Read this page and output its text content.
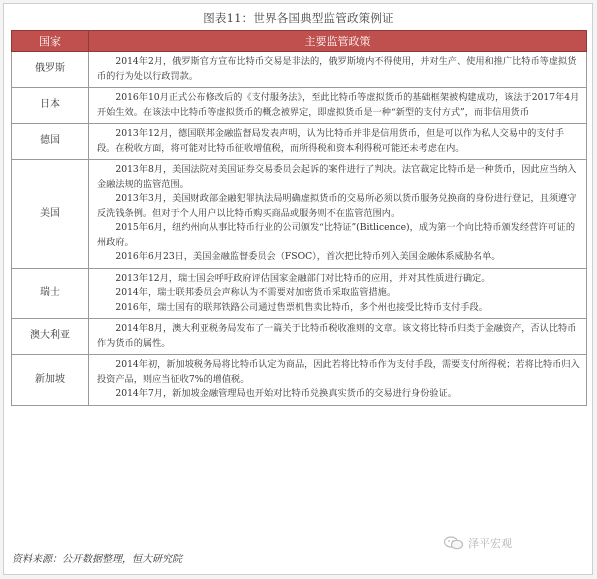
图表11：世界各国典型监管政策例证
国家	主要监管政策
俄罗斯	2014年2月，俄罗斯官方宣布比特币交易是非法的，俄罗斯境内不得使用，并对生产、使用和推广比特币等虚拟货币的行为处以行政罚款。

日本	2016年10月正式公布修改后的《支付服务法》，至此比特币等虚拟货币的基础框架被构建成功，该法于2017年4月开始生效。在该法中比特币等虚拟货币的概念被界定，即虚拟货币是一种“新型的支付方式”，而非信用货币

德国	2013年12月，德国联邦金融监督局发表声明，认为比特币并非是信用货币，但是可以作为私人交易中的支付手段。在税收方面，将可能对比特币征收增值税，而所得税和资本利得税可能还未考虑在内。

美国	2013年8月，美国法院对美国证券交易委员会起诉的案件进行了判决。法官裁定比特币是一种货币，因此应当纳入金融法规的监管范围。

2013年3月，美国财政部金融犯罪执法局明确虚拟货币的交易所必须以货币服务兑换商的身份进行登记，且须遵守反洗钱条例。但对于个人用户以比特币购买商品或服务则不在监管范围内。

2015年6月，纽约州向从事比特币行业的公司颁发“比特证”(Bitlicence)，成为第一个向比特币颁发经营许可证的州政府。

2016年6月23日，美国金融监督委员会（FSOC），首次把比特币列入美国金融体系威胁名单。

瑞士	2013年12月，瑞士国会呼吁政府评估国家金融部门对比特币的应用，并对其性质进行确定。

2014年，瑞士联邦委员会声称认为不需要对加密货币采取监管措施。

2016年，瑞士国有的联邦铁路公司通过售票机售卖比特币，多个州也接受比特币支付手段。

澳大利亚	2014年8月，澳大利亚税务局发布了一篇关于比特币税收准则的文章。该文将比特币归类于金融资产，否认比特币作为货币的属性。

新加坡	2014年初，新加坡税务局将比特币认定为商品，因此若将比特币作为支付手段，需要支付所得税；若将比特币归入投资产品，则应当征收7%的增值税。

2014年7月，新加坡金融管理局也开始对比特币兑换真实货币的交易进行身份验证。

资料来源：公开数据整理，恒大研究院
泽平宏观
